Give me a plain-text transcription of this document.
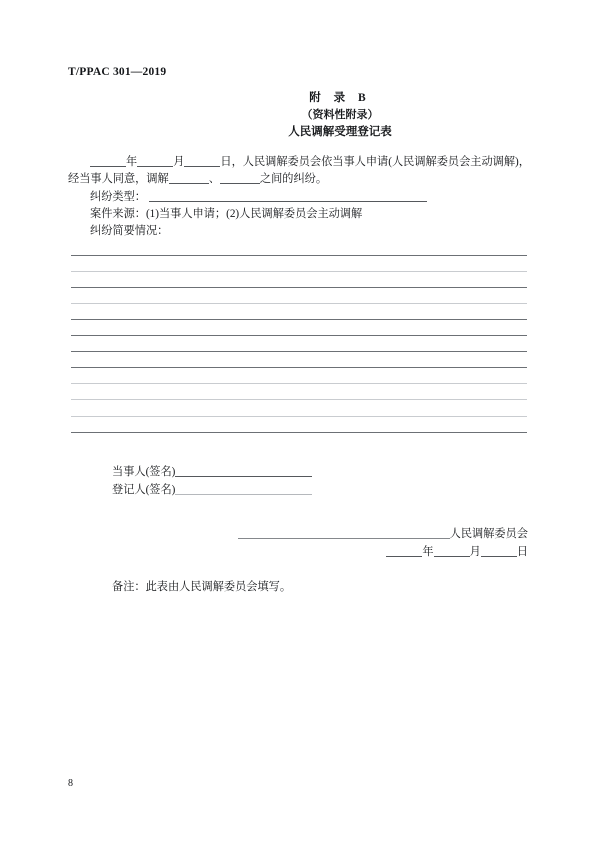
T/PPAC 301—2019
附 录 B
（资料性附录）
人民调解受理登记表

年	月	日，人民调解委员会依当事人申请(人民调解委员会主动调解)，经当事人同意，调解	、	之间的纠纷。

纠纷类型：

案件来源：(1)当事人申请；(2)人民调解委员会主动调解

纠纷简要情况：

当事人(签名)
登记人(签名)
人民调解委员会
年	月	日
备注：此表由人民调解委员会填写。
8
